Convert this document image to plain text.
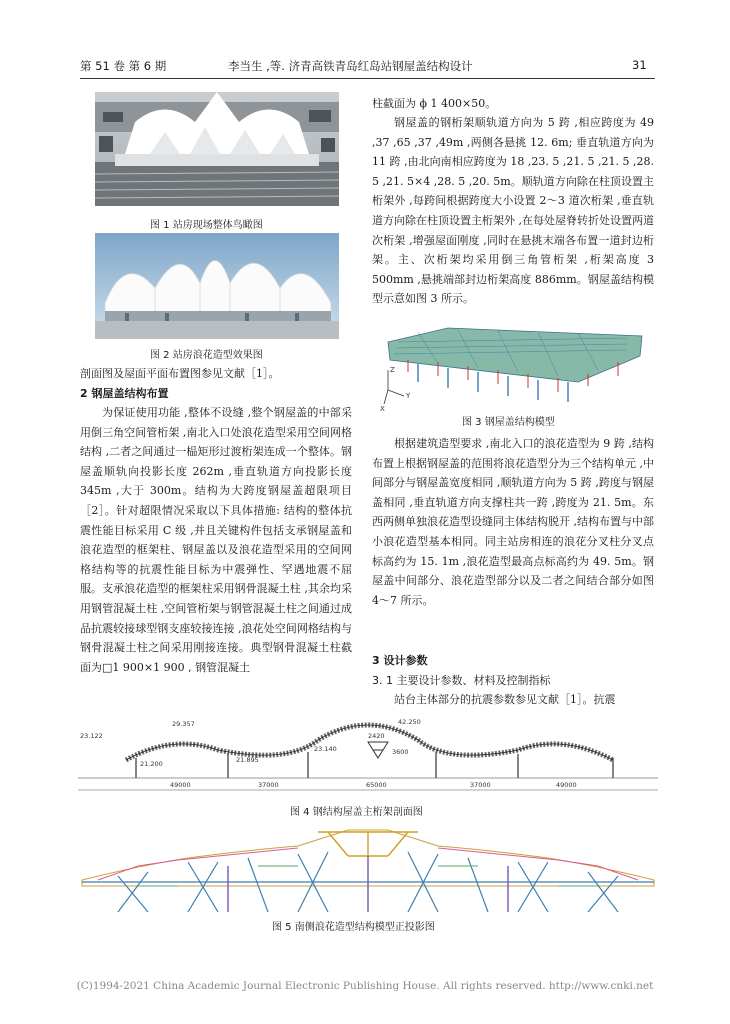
第 51 卷 第 6 期	李当生 ,等. 济青高铁青岛红岛站钢屋盖结构设计	31
图 1 站房现场整体鸟瞰图
图 2 站房浪花造型效果图

剖面图及屋面平面布置图参见文献［1］。

2 钢屋盖结构布置

为保证使用功能 ,整体不设缝 ,整个钢屋盖的中部采用倒三角空间管桁架 ,南北入口处浪花造型采用空间网格结构 ,二者之间通过一榀矩形过渡桁架连成一个整体。钢屋盖顺轨向投影长度 262m ,垂直轨道方向投影长度 345m ,大于 300m。结构为大跨度钢屋盖超限项目［2］。针对超限情况采取以下具体措施: 结构的整体抗震性能目标采用 C 级 ,并且关键构件包括支承钢屋盖和浪花造型的框架柱、钢屋盖以及浪花造型采用的空间网格结构等的抗震性能目标为中震弹性、罕遇地震不屈服。支承浪花造型的框架柱采用钢骨混凝土柱 ,其余均采用钢管混凝土柱 ,空间管桁架与钢管混凝土柱之间通过成品抗震较接球型钢支座较接连接 ,浪花处空间网格结构与钢骨混凝土柱之间采用刚接连接。典型钢骨混凝土柱截面为□1 900×1 900 , 钢管混凝土

柱截面为 ϕ 1 400×50。

钢屋盖的钢桁架顺轨道方向为 5 跨 ,相应跨度为 49 ,37 ,65 ,37 ,49m ,两侧各悬挑 12. 6m; 垂直轨道方向为 11 跨 ,由北向南相应跨度为 18 ,23. 5 ,21. 5 ,21. 5 ,28. 5 ,21. 5×4 ,28. 5 ,20. 5m。顺轨道方向除在柱顶设置主桁架外 ,每跨间根据跨度大小设置 2～3 道次桁架 ,垂直轨道方向除在柱顶设置主桁架外 ,在每处屋脊转折处设置两道次桁架 ,增强屋面刚度 ,同时在悬挑末端各布置一道封边桁架。主、次桁架均采用倒三角管桁架 ,桁架高度 3 500mm ,悬挑端部封边桁架高度 886mm。钢屋盖结构模型示意如图 3 所示。

Z
Y
X
图 3 钢屋盖结构模型

根据建筑造型要求 ,南北入口的浪花造型为 9 跨 ,结构布置上根据钢屋盖的范围将浪花造型分为三个结构单元 ,中间部分与钢屋盖宽度相同 ,顺轨道方向为 5 跨 ,跨度与钢屋盖相同 ,垂直轨道方向支撑柱共一跨 ,跨度为 21. 5m。东西两侧单独浪花造型设缝同主体结构脱开 ,结构布置与中部小浪花造型基本相同。同主站房相连的浪花分叉柱分叉点标高约为 15. 1m ,浪花造型最高点标高约为 49. 5m。钢屋盖中间部分、浪花造型部分以及二者之间结合部分如图 4～7 所示。

3 设计参数
3. 1 主要设计参数、材料及控制指标

站台主体部分的抗震参数参见文献［1］。抗震

42.250
29.357
23.122
23.140
21.895
21.200
2420
3600
49000	37000	65000	37000	49000
图 4 钢结构屋盖主桁架剖面图
图 5 南侧浪花造型结构模型正投影图
(C)1994-2021 China Academic Journal Electronic Publishing House. All rights reserved. http://www.cnki.net
